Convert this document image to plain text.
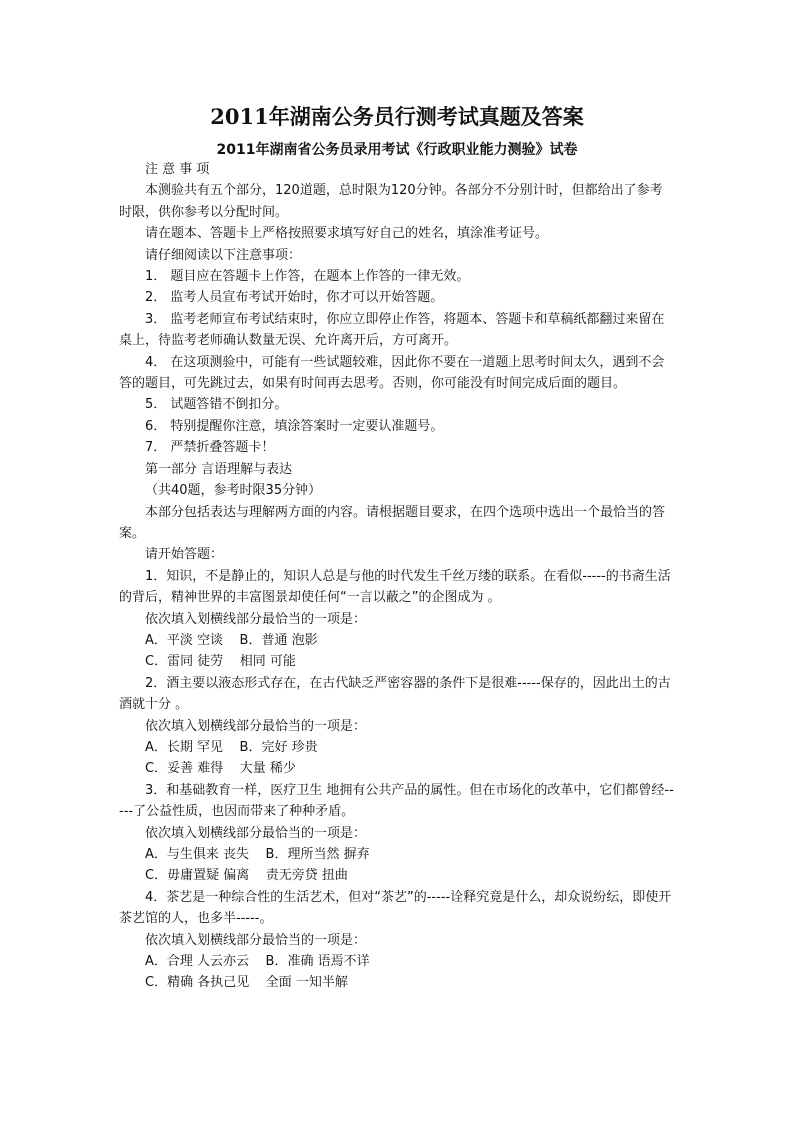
2011年湖南公务员行测考试真题及答案
2011年湖南省公务员录用考试《行政职业能力测验》试卷

注 意 事 项

本测验共有五个部分，120道题，总时限为120分钟。各部分不分别计时，但都给出了参考时限，供你参考以分配时间。

请在题本、答题卡上严格按照要求填写好自己的姓名，填涂准考证号。

请仔细阅读以下注意事项：

1． 题目应在答题卡上作答，在题本上作答的一律无效。

2． 监考人员宣布考试开始时，你才可以开始答题。

3． 监考老师宣布考试结束时，你应立即停止作答，将题本、答题卡和草稿纸都翻过来留在桌上，待监考老师确认数量无误、允许离开后，方可离开。

4． 在这项测验中，可能有一些试题较难，因此你不要在一道题上思考时间太久，遇到不会答的题目，可先跳过去，如果有时间再去思考。否则，你可能没有时间完成后面的题目。

5． 试题答错不倒扣分。

6． 特别提醒你注意，填涂答案时一定要认准题号。

7． 严禁折叠答题卡！

第一部分 言语理解与表达

（共40题，参考时限35分钟）

本部分包括表达与理解两方面的内容。请根据题目要求，在四个选项中选出一个最恰当的答案。

请开始答题：

1．知识，不是静止的，知识人总是与他的时代发生千丝万缕的联系。在看似-----的书斋生活的背后，精神世界的丰富图景却使任何“一言以蔽之”的企图成为 。

依次填入划横线部分最恰当的一项是：

A．平淡 空谈    B．普通 泡影

C．雷同 徒劳    相同 可能

2．酒主要以液态形式存在，在古代缺乏严密容器的条件下是很难-----保存的，因此出土的古酒就十分 。

依次填入划横线部分最恰当的一项是：

A．长期 罕见    B．完好 珍贵

C．妥善 难得    大量 稀少

3．和基础教育一样，医疗卫生 地拥有公共产品的属性。但在市场化的改革中，它们都曾经-----了公益性质，也因而带来了种种矛盾。

依次填入划横线部分最恰当的一项是：

A．与生俱来 丧失    B．理所当然 摒弃

C．毋庸置疑 偏离    责无旁贷 扭曲

4．茶艺是一种综合性的生活艺术，但对“茶艺”的-----诠释究竟是什么，却众说纷纭，即使开茶艺馆的人，也多半-----。

依次填入划横线部分最恰当的一项是：

A．合理 人云亦云    B．准确 语焉不详

C．精确 各执己见    全面 一知半解
